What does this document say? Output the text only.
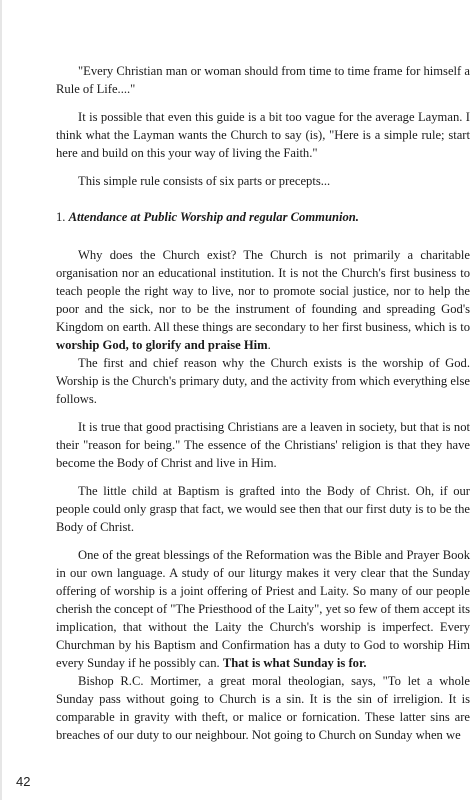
"Every Christian man or woman should from time to time frame for himself a Rule of Life...."

It is possible that even this guide is a bit too vague for the average Layman. I think what the Layman wants the Church to say (is), "Here is a simple rule; start here and build on this your way of living the Faith."

This simple rule consists of six parts or precepts...

1. Attendance at Public Worship and regular Communion.

Why does the Church exist? The Church is not primarily a charitable organisation nor an educational institution. It is not the Church's first business to teach people the right way to live, nor to promote social justice, nor to help the poor and the sick, nor to be the instrument of founding and spreading God's Kingdom on earth. All these things are secondary to her first business, which is to worship God, to glorify and praise Him.

The first and chief reason why the Church exists is the worship of God. Worship is the Church's primary duty, and the activity from which everything else follows.

It is true that good practising Christians are a leaven in society, but that is not their "reason for being." The essence of the Christians' religion is that they have become the Body of Christ and live in Him.

The little child at Baptism is grafted into the Body of Christ. Oh, if our people could only grasp that fact, we would see then that our first duty is to be the Body of Christ.

One of the great blessings of the Reformation was the Bible and Prayer Book in our own language. A study of our liturgy makes it very clear that the Sunday offering of worship is a joint offering of Priest and Laity. So many of our people cherish the concept of "The Priesthood of the Laity", yet so few of them accept its implication, that without the Laity the Church's worship is imperfect. Every Churchman by his Baptism and Confirmation has a duty to God to worship Him every Sunday if he possibly can. That is what Sunday is for.

Bishop R.C. Mortimer, a great moral theologian, says, "To let a whole Sunday pass without going to Church is a sin. It is the sin of irreligion. It is comparable in gravity with theft, or malice or fornication. These latter sins are breaches of our duty to our neighbour. Not going to Church on Sunday when we

42
